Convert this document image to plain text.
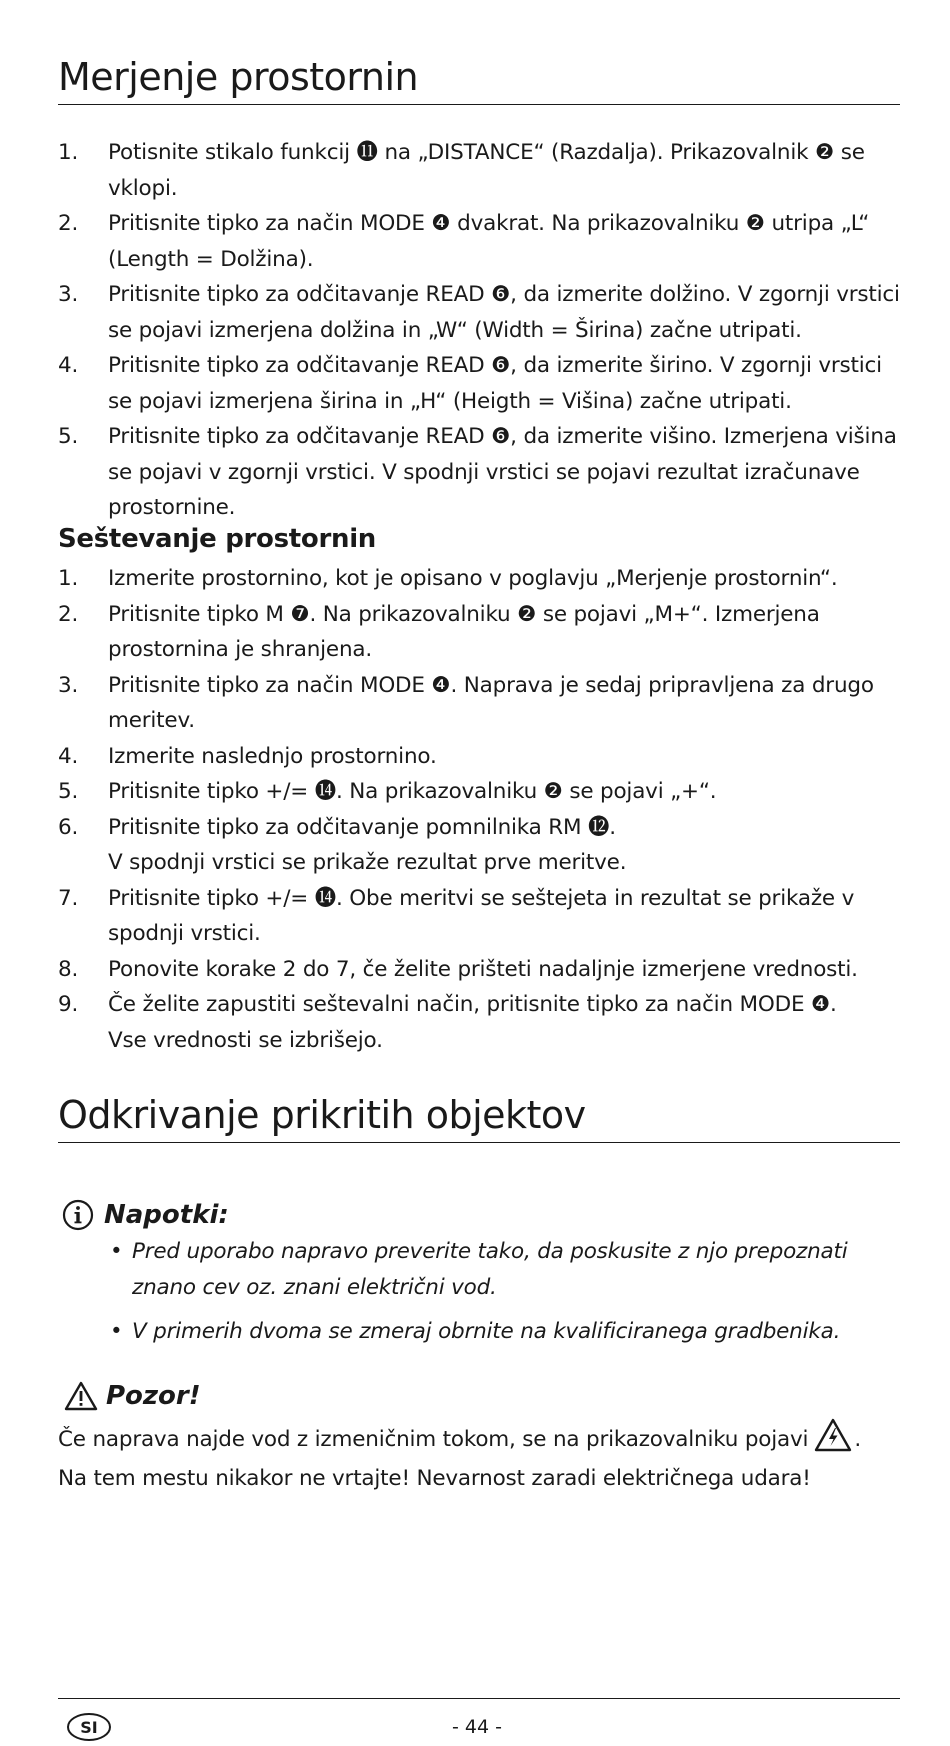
Merjenje prostornin
1. Potisnite stikalo funkcij ⓫ na „DISTANCE“ (Razdalja). Prikazovalnik ❷ se vklopi.
2. Pritisnite tipko za način MODE ❹ dvakrat. Na prikazovalniku ❷ utripa „L“ (Length = Dolžina).
3. Pritisnite tipko za odčitavanje READ ❻, da izmerite dolžino. V zgornji vrstici se pojavi izmerjena dolžina in „W“ (Width = Širina) začne utripati.
4. Pritisnite tipko za odčitavanje READ ❻, da izmerite širino. V zgornji vrstici se pojavi izmerjena širina in „H“ (Heigth = Višina) začne utripati.
5. Pritisnite tipko za odčitavanje READ ❻, da izmerite višino. Izmerjena višina se pojavi v zgornji vrstici. V spodnji vrstici se pojavi rezultat izračunave prostornine.
Seštevanje prostornin
1. Izmerite prostornino, kot je opisano v poglavju „Merjenje prostornin“.
2. Pritisnite tipko M ❼. Na prikazovalniku ❷ se pojavi „M+“. Izmerjena prostornina je shranjena.
3. Pritisnite tipko za način MODE ❹. Naprava je sedaj pripravljena za drugo meritev.
4. Izmerite naslednjo prostornino.
5. Pritisnite tipko +/= ⓮. Na prikazovalniku ❷ se pojavi „+“.
6. Pritisnite tipko za odčitavanje pomnilnika RM ⓬.
V spodnji vrstici se prikaže rezultat prve meritve.
7. Pritisnite tipko +/= ⓮. Obe meritvi se seštejeta in rezultat se prikaže v spodnji vrstici.
8. Ponovite korake 2 do 7, če želite prišteti nadaljnje izmerjene vrednosti.
9. Če želite zapustiti seštevalni način, pritisnite tipko za način MODE ❹.
Vse vrednosti se izbrišejo.
Odkrivanje prikritih objektov
Napotki:
• Pred uporabo napravo preverite tako, da poskusite z njo prepoznati znano cev oz. znani električni vod.
• V primerih dvoma se zmeraj obrnite na kvalificiranega gradbenika.
Pozor!
Če naprava najde vod z izmeničnim tokom, se na prikazovalniku pojavi .
Na tem mestu nikakor ne vrtajte! Nevarnost zaradi električnega udara!
SI	- 44 -
